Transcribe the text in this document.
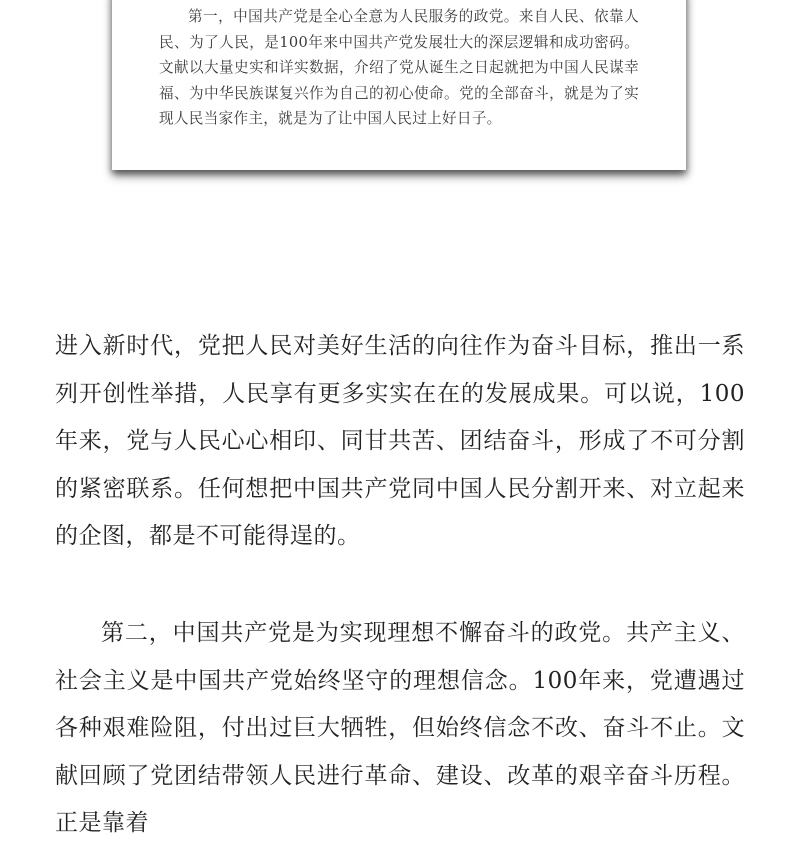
第一，中国共产党是全心全意为人民服务的政党。来自人民、依靠人民、为了人民，是100年来中国共产党发展壮大的深层逻辑和成功密码。文献以大量史实和详实数据，介绍了党从诞生之日起就把为中国人民谋幸福、为中华民族谋复兴作为自己的初心使命。党的全部奋斗，就是为了实现人民当家作主，就是为了让中国人民过上好日子。

进入新时代，党把人民对美好生活的向往作为奋斗目标，推出一系列开创性举措，人民享有更多实实在在的发展成果。可以说，100年来，党与人民心心相印、同甘共苦、团结奋斗，形成了不可分割的紧密联系。任何想把中国共产党同中国人民分割开来、对立起来的企图，都是不可能得逞的。

第二，中国共产党是为实现理想不懈奋斗的政党。共产主义、社会主义是中国共产党始终坚守的理想信念。100年来，党遭遇过各种艰难险阻，付出过巨大牺牲，但始终信念不改、奋斗不止。文献回顾了党团结带领人民进行革命、建设、改革的艰辛奋斗历程。正是靠着
